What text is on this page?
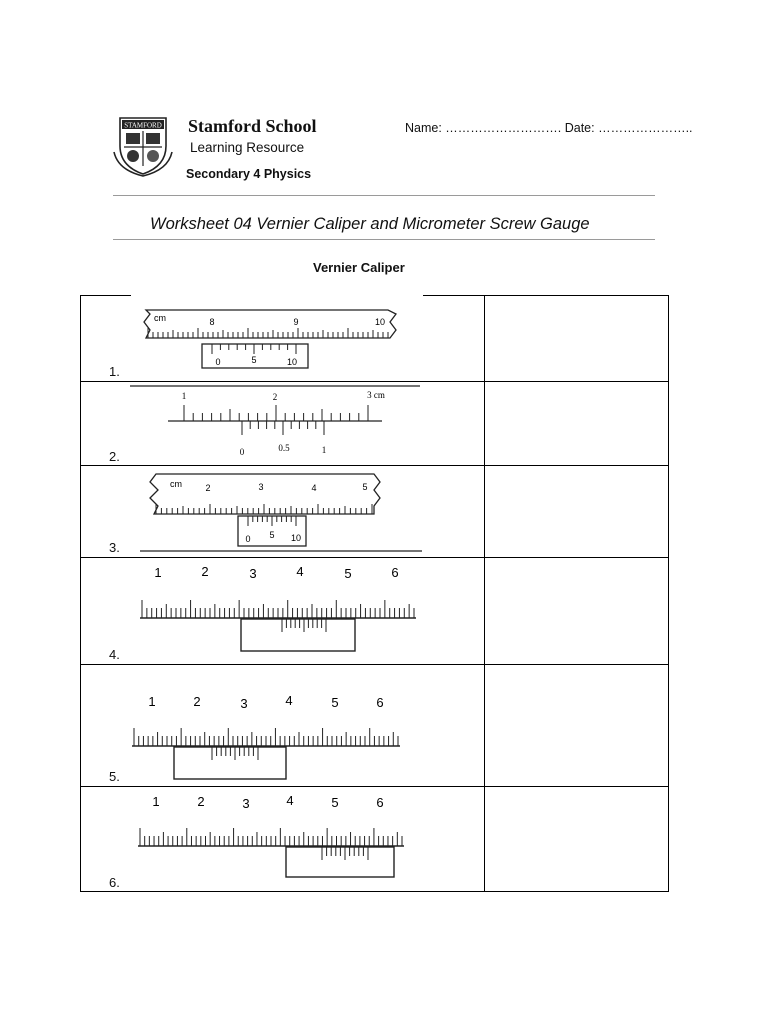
STAMFORD Stamford School
Learning Resource
Secondary 4 Physics
Name: ………………………. Date: …………………..
Worksheet 04 Vernier Caliper and Micrometer Screw Gauge
Vernier Caliper
1.
2.
3.
4.
5.
6.
cm	8	9	10
0	5	10
1	2	3 cm
0	0.5	1
cm	2	3	4	5
0 5 10
1	2	3	4	5	6
1	2	3	4	5	6
1	2	3	4	5	6
